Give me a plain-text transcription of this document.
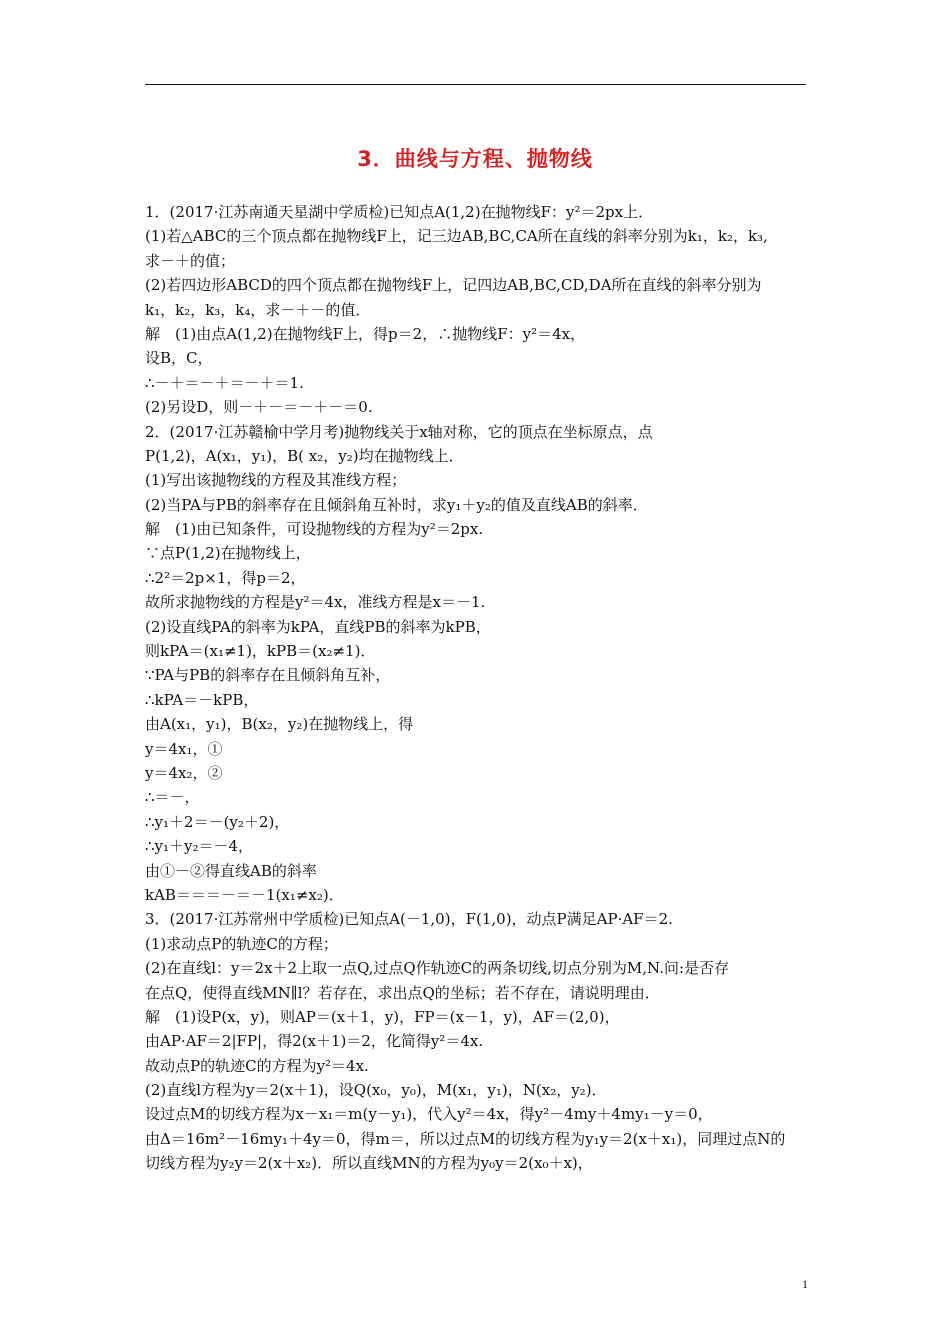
3．曲线与方程、抛物线
1．(2017·江苏南通天星湖中学质检)已知点A(1,2)在抛物线F：y²＝2px上．
(1)若△ABC的三个顶点都在抛物线F上，记三边AB,BC,CA所在直线的斜率分别为k₁，k₂，k₃,
求－＋的值；
(2)若四边形ABCD的四个顶点都在抛物线F上，记四边AB,BC,CD,DA所在直线的斜率分别为
k₁，k₂，k₃，k₄，求－＋－的值．
解　(1)由点A(1,2)在抛物线F上，得p＝2，∴抛物线F：y²＝4x，
设B，C，
∴－＋＝－＋＝－＋＝1.
(2)另设D，则－＋－＝－＋－＝0.
2．(2017·江苏赣榆中学月考)抛物线关于x轴对称，它的顶点在坐标原点，点
P(1,2)，A(x₁，y₁)，B( x₂，y₂)均在抛物线上．
(1)写出该抛物线的方程及其准线方程；
(2)当PA与PB的斜率存在且倾斜角互补时，求y₁＋y₂的值及直线AB的斜率．
解　(1)由已知条件，可设抛物线的方程为y²＝2px.
∵点P(1,2)在抛物线上，
∴2²＝2p×1，得p＝2，
故所求抛物线的方程是y²＝4x，准线方程是x＝－1.
(2)设直线PA的斜率为kPA，直线PB的斜率为kPB，
则kPA＝(x₁≠1)，kPB＝(x₂≠1)．
∵PA与PB的斜率存在且倾斜角互补，
∴kPA＝－kPB，
由A(x₁，y₁)，B(x₂，y₂)在抛物线上，得
y＝4x₁，①
y＝4x₂，②
∴＝－，
∴y₁＋2＝－(y₂＋2)，
∴y₁＋y₂＝－4，
由①－②得直线AB的斜率
kAB＝＝＝－＝－1(x₁≠x₂)．
3．(2017·江苏常州中学质检)已知点A(－1,0)，F(1,0)，动点P满足AP·AF＝2.
(1)求动点P的轨迹C的方程；
(2)在直线l：y＝2x＋2上取一点Q,过点Q作轨迹C的两条切线,切点分别为M,N.问:是否存
在点Q，使得直线MN∥l？若存在，求出点Q的坐标；若不存在，请说明理由．
解　(1)设P(x，y)，则AP＝(x＋1，y)，FP＝(x－1，y)，AF＝(2,0)，
由AP·AF＝2|FP|，得2(x＋1)＝2，化简得y²＝4x.
故动点P的轨迹C的方程为y²＝4x.
(2)直线l方程为y＝2(x＋1)，设Q(x₀，y₀)，M(x₁，y₁)，N(x₂，y₂)．
设过点M的切线方程为x－x₁＝m(y－y₁)，代入y²＝4x，得y²－4my＋4my₁－y＝0，
由Δ＝16m²－16my₁＋4y＝0，得m＝，所以过点M的切线方程为y₁y＝2(x＋x₁)，同理过点N的
切线方程为y₂y＝2(x＋x₂)．所以直线MN的方程为y₀y＝2(x₀＋x)，
1
